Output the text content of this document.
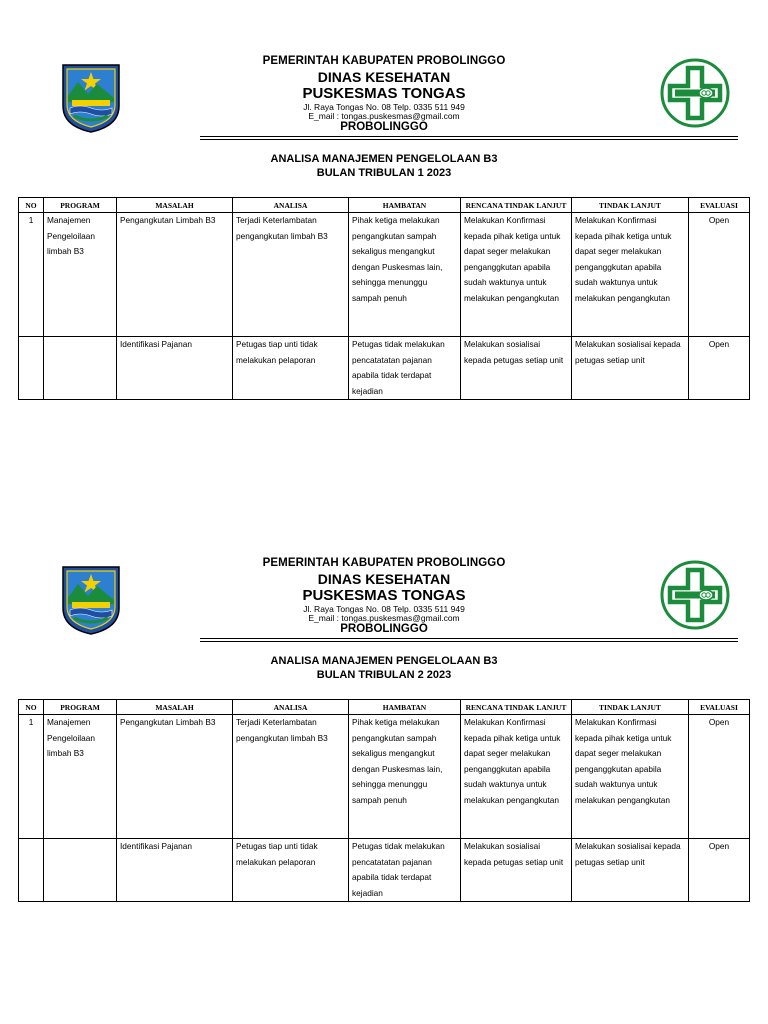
PEMERINTAH KABUPATEN PROBOLINGGO
DINAS KESEHATAN
PUSKESMAS TONGAS
Jl. Raya Tongas No. 08 Telp. 0335 511 949
E_mail : tongas.puskesmas@gmail.com
PROBOLINGGO
ANALISA MANAJEMEN PENGELOLAAN B3
BULAN TRIBULAN 1 2023
NO	PROGRAM	MASALAH	ANALISA	HAMBATAN	RENCANA TINDAK LANJUT	TINDAK LANJUT	EVALUASI
1	Manajemen Pengeloilaan limbah B3	Pengangkutan Limbah B3	Terjadi Keterlambatan pengangkutan limbah B3	Pihak ketiga melakukan pengangkutan sampah sekaligus mengangkut dengan Puskesmas lain, sehingga menunggu sampah penuh	Melakukan Konfirmasi kepada pihak ketiga untuk dapat seger melakukan penganggkutan apabila sudah waktunya untuk melakukan pengangkutan	Melakukan Konfirmasi kepada pihak ketiga untuk dapat seger melakukan penganggkutan apabila sudah waktunya untuk melakukan pengangkutan	Open
		Identifikasi Pajanan	Petugas tiap unti tidak melakukan pelaporan	Petugas tidak melakukan pencatatatan pajanan apabila tidak terdapat kejadian	Melakukan sosialisai kepada petugas setiap unit	Melakukan sosialisai kepada petugas setiap unit	Open
PEMERINTAH KABUPATEN PROBOLINGGO
DINAS KESEHATAN
PUSKESMAS TONGAS
Jl. Raya Tongas No. 08 Telp. 0335 511 949
E_mail : tongas.puskesmas@gmail.com
PROBOLINGGO
ANALISA MANAJEMEN PENGELOLAAN B3
BULAN TRIBULAN 2 2023
NO	PROGRAM	MASALAH	ANALISA	HAMBATAN	RENCANA TINDAK LANJUT	TINDAK LANJUT	EVALUASI
1	Manajemen Pengeloilaan limbah B3	Pengangkutan Limbah B3	Terjadi Keterlambatan pengangkutan limbah B3	Pihak ketiga melakukan pengangkutan sampah sekaligus mengangkut dengan Puskesmas lain, sehingga menunggu sampah penuh	Melakukan Konfirmasi kepada pihak ketiga untuk dapat seger melakukan penganggkutan apabila sudah waktunya untuk melakukan pengangkutan	Melakukan Konfirmasi kepada pihak ketiga untuk dapat seger melakukan penganggkutan apabila sudah waktunya untuk melakukan pengangkutan	Open
		Identifikasi Pajanan	Petugas tiap unti tidak melakukan pelaporan	Petugas tidak melakukan pencatatatan pajanan apabila tidak terdapat kejadian	Melakukan sosialisai kepada petugas setiap unit	Melakukan sosialisai kepada petugas setiap unit	Open
